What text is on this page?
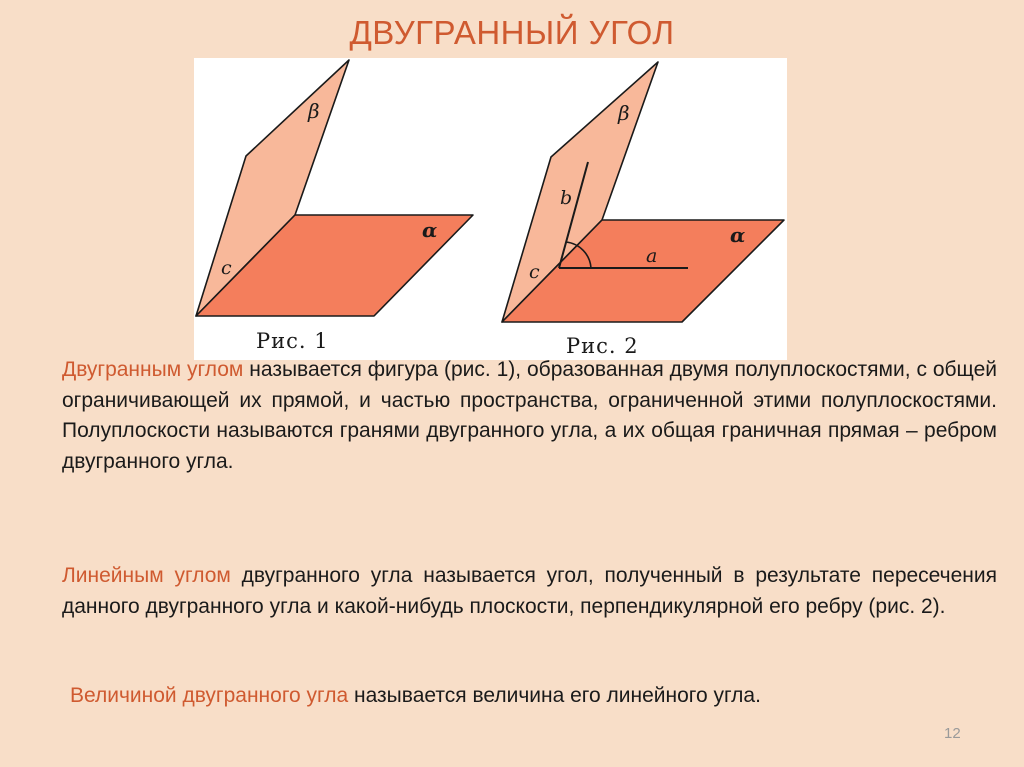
ДВУГРАННЫЙ УГОЛ
β
α
c
Рис. 1
β
α
b
a
c
Рис. 2

Двугранным углом называется фигура (рис. 1), образованная двумя полуплоскостями, с общей ограничивающей их прямой, и частью пространства, ограниченной этими полуплоскостями. Полуплоскости называются гранями двугранного угла, а их общая граничная прямая – ребром двугранного угла.

Линейным углом двугранного угла называется угол, полученный в результате пересечения данного двугранного угла и какой-нибудь плоскости, перпендикулярной его ребру (рис. 2).

Величиной двугранного угла называется величина его линейного угла.

12
